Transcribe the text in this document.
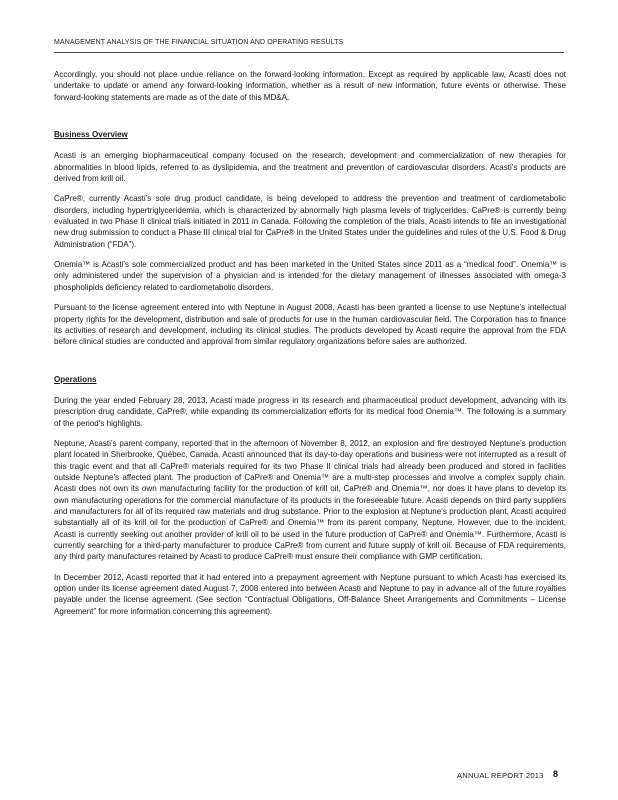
MANAGEMENT ANALYSIS OF THE FINANCIAL SITUATION AND OPERATING RESULTS

Accordingly, you should not place undue reliance on the forward-looking information. Except as required by applicable law, Acasti does not undertake to update or amend any forward-looking information, whether as a result of new information, future events or otherwise. These forward-looking statements are made as of the date of this MD&A.

Business Overview

Acasti is an emerging biopharmaceutical company focused on the research, development and commercialization of new therapies for abnormalities in blood lipids, referred to as dyslipidemia, and the treatment and prevention of cardiovascular disorders. Acasti’s products are derived from krill oil.

CaPre®, currently Acasti’s sole drug product candidate, is being developed to address the prevention and treatment of cardiometabolic disorders, including hypertriglyceridemia, which is characterized by abnormally high plasma levels of triglycerides. CaPre® is currently being evaluated in two Phase II clinical trials initiated in 2011 in Canada. Following the completion of the trials, Acasti intends to file an investigational new drug submission to conduct a Phase III clinical trial for CaPre® in the United States under the guidelines and rules of the U.S. Food & Drug Administration (“FDA”).

Onemia™ is Acasti’s sole commercialized product and has been marketed in the United States since 2011 as a “medical food”. Onemia™ is only administered under the supervision of a physician and is intended for the dietary management of illnesses associated with omega-3 phospholipids deficiency related to cardiometabolic disorders.

Pursuant to the license agreement entered into with Neptune in August 2008, Acasti has been granted a license to use Neptune’s intellectual property rights for the development, distribution and sale of products for use in the human cardiovascular field. The Corporation has to finance its activities of research and development, including its clinical studies. The products developed by Acasti require the approval from the FDA before clinical studies are conducted and approval from similar regulatory organizations before sales are authorized.

Operations

During the year ended February 28, 2013, Acasti made progress in its research and pharmaceutical product development, advancing with its prescription drug candidate, CaPre®, while expanding its commercialization efforts for its medical food Onemia™. The following is a summary of the period’s highlights.

Neptune, Acasti’s parent company, reported that in the afternoon of November 8, 2012, an explosion and fire destroyed Neptune’s production plant located in Sherbrooke, Québec, Canada. Acasti announced that its day-to-day operations and business were not interrupted as a result of this tragic event and that all CaPre® materials required for its two Phase II clinical trials had already been produced and stored in facilities outside Neptune’s affected plant. The production of CaPre® and Onemia™ are a multi-step processes and involve a complex supply chain. Acasti does not own its own manufacturing facility for the production of krill oil, CaPre® and Onemia™, nor does it have plans to develop its own manufacturing operations for the commercial manufacture of its products in the foreseeable future. Acasti depends on third party suppliers and manufacturers for all of its required raw materials and drug substance. Prior to the explosion at Neptune’s production plant, Acasti acquired substantially all of its krill oil for the production of CaPre® and Onemia™ from its parent company, Neptune. However, due to the incident, Acasti is currently seeking out another provider of krill oil to be used in the future production of CaPre® and Onemia™. Furthermore, Acasti is currently searching for a third-party manufacturer to produce CaPre® from current and future supply of krill oil. Because of FDA requirements, any third party manufactures retained by Acasti to produce CaPre® must ensure their compliance with GMP certification.

In December 2012, Acasti reported that it had entered into a prepayment agreement with Neptune pursuant to which Acasti has exercised its option under its license agreement dated August 7, 2008 entered into between Acasti and Neptune to pay in advance all of the future royalties payable under the license agreement. (See section “Contractual Obligations, Off-Balance Sheet Arrangements and Commitments – License Agreement” for more information concerning this agreement).

ANNUAL REPORT 2013 8
